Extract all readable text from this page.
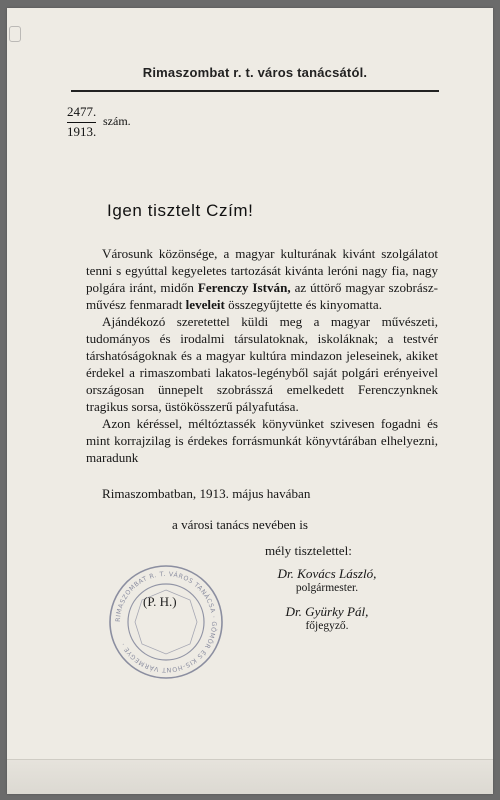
Rimaszombat r. t. város tanácsától.
$\frac{2477.}{1913.}$ szám.
Igen tisztelt Czím!

Városunk közönsége, a magyar kulturának kivánt szolgálatot tenni s egyúttal kegyeletes tartozását kivánta leróni nagy fia, nagy polgára iránt, midőn Ferenczy István, az úttörő magyar szobrász-művész fenmaradt leveleit összegyűjtette és kinyomatta.

Ajándékozó szeretettel küldi meg a magyar művészeti, tudományos és irodalmi társulatoknak, iskoláknak; a testvér társhatóságoknak és a magyar kultúra mindazon jeleseinek, akiket érdekel a rimaszombati lakatos-legényből saját polgári erényeivel országosan ünnepelt szobrásszá emelkedett Ferenczynknek tragikus sorsa, üstökösszerű pályafutása.

Azon kéréssel, méltóztassék könyvünket szivesen fogadni és mint korrajzilag is érdekes forrásmunkát könyvtárában elhelyezni, maradunk

Rimaszombatban, 1913. május havában
a városi tanács nevében is
mély tisztelettel:
Dr. Kovács László,
polgármester.
Dr. Gyürky Pál,
főjegyző.
RIMASZOMBAT R. T. VÁROS TANÁCSA · GÖMÖR ÉS KIS-HONT VÁRMEGYE ·
(P. H.)
